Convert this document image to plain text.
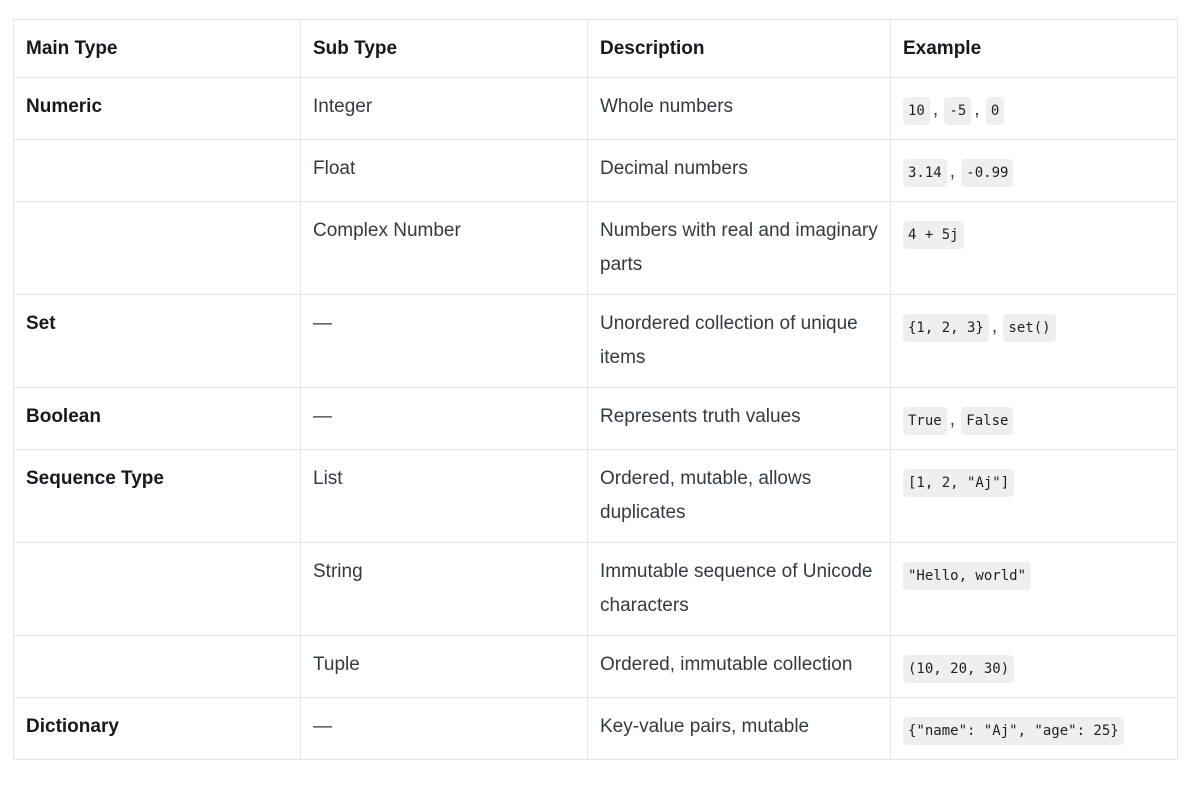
Main Type	Sub Type	Description	Example
Numeric	Integer	Whole numbers	10 , -5 , 0
	Float	Decimal numbers	3.14 , -0.99
	Complex Number	Numbers with real and imaginary parts	4 + 5j
Set	—	Unordered collection of unique items	{1, 2, 3} , set()
Boolean	—	Represents truth values	True , False
Sequence Type	List	Ordered, mutable, allows duplicates	[1, 2, "Aj"]
	String	Immutable sequence of Unicode characters	"Hello, world"
	Tuple	Ordered, immutable collection	(10, 20, 30)
Dictionary	—	Key-value pairs, mutable	{"name": "Aj", "age": 25}
